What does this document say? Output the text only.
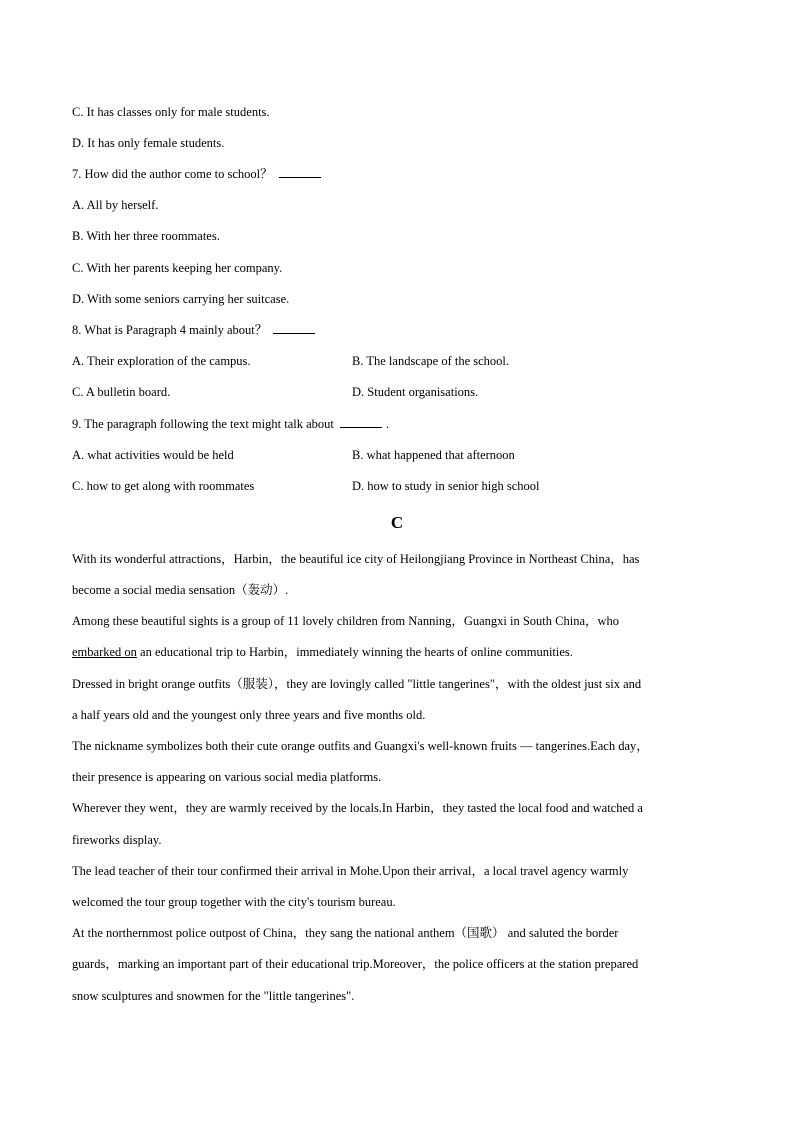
C. It has classes only for male students.
D. It has only female students.
7. How did the author come to school？
A. All by herself.
B. With her three roommates.
C. With her parents keeping her company.
D. With some seniors carrying her suitcase.
8. What is Paragraph 4 mainly about？
A. Their exploration of the campus.	B. The landscape of the school.
C. A bulletin board.	D. Student organisations.
9. The paragraph following the text might talk about	.
A. what activities would be held	B. what happened that afternoon
C. how to get along with roommates	D. how to study in senior high school
C
With its wonderful attractions，Harbin，the beautiful ice city of Heilongjiang Province in Northeast China，has
become a social media sensation（轰动）.
Among these beautiful sights is a group of 11 lovely children from Nanning，Guangxi in South China，who
embarked on an educational trip to Harbin，immediately winning the hearts of online communities.
Dressed in bright orange outfits（服装），they are lovingly called "little tangerines"，with the oldest just six and
a half years old and the youngest only three years and five months old.
The nickname symbolizes both their cute orange outfits and Guangxi's well-known fruits — tangerines.Each day，
their presence is appearing on various social media platforms.
Wherever they went，they are warmly received by the locals.In Harbin，they tasted the local food and watched a
fireworks display.
The lead teacher of their tour confirmed their arrival in Mohe.Upon their arrival，a local travel agency warmly
welcomed the tour group together with the city's tourism bureau.
At the northernmost police outpost of China，they sang the national anthem（国歌） and saluted the border
guards，marking an important part of their educational trip.Moreover，the police officers at the station prepared
snow sculptures and snowmen for the "little tangerines".
